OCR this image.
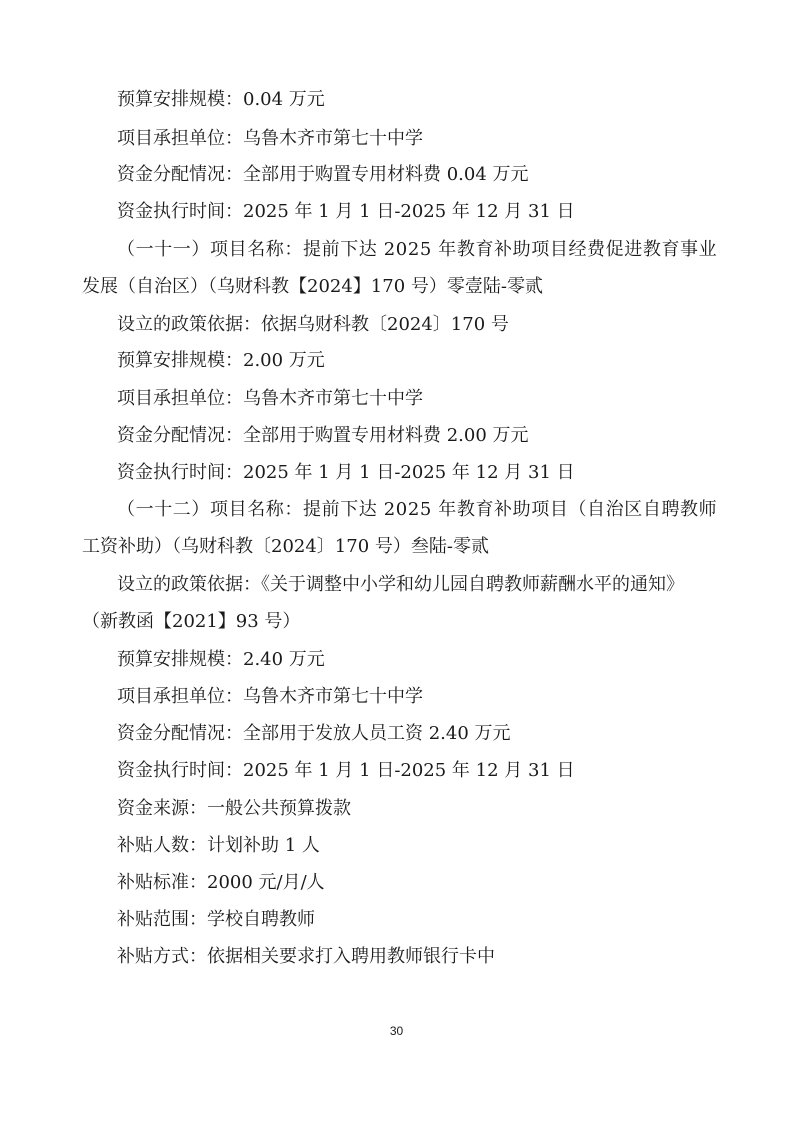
预算安排规模：0.04 万元
项目承担单位：乌鲁木齐市第七十中学
资金分配情况：全部用于购置专用材料费 0.04 万元
资金执行时间：2025 年 1 月 1 日-2025 年 12 月 31 日
（一十一）项目名称：提前下达 2025 年教育补助项目经费促进教育事业
发展（自治区）（乌财科教【2024】170 号）零壹陆-零贰
设立的政策依据：依据乌财科教〔2024〕170 号
预算安排规模：2.00 万元
项目承担单位：乌鲁木齐市第七十中学
资金分配情况：全部用于购置专用材料费 2.00 万元
资金执行时间：2025 年 1 月 1 日-2025 年 12 月 31 日
（一十二）项目名称：提前下达 2025 年教育补助项目（自治区自聘教师
工资补助）（乌财科教〔2024〕170 号）叁陆-零贰
设立的政策依据：《关于调整中小学和幼儿园自聘教师薪酬水平的通知》
（新教函【2021】93 号）
预算安排规模：2.40 万元
项目承担单位：乌鲁木齐市第七十中学
资金分配情况：全部用于发放人员工资 2.40 万元
资金执行时间：2025 年 1 月 1 日-2025 年 12 月 31 日
资金来源：一般公共预算拨款
补贴人数：计划补助 1 人
补贴标准：2000 元/月/人
补贴范围：学校自聘教师
补贴方式：依据相关要求打入聘用教师银行卡中
30
